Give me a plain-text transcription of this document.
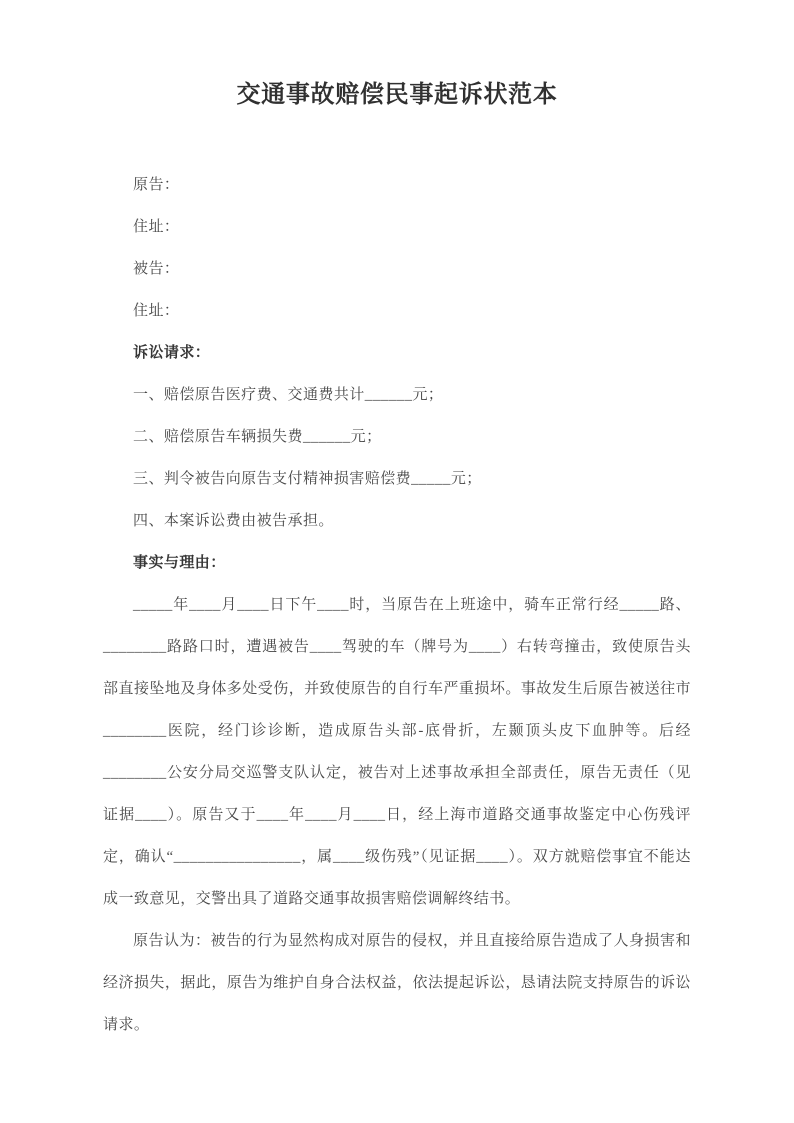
交通事故赔偿民事起诉状范本

原告：

住址：

被告：

住址：

诉讼请求：

一、赔偿原告医疗费、交通费共计______元；

二、赔偿原告车辆损失费______元；

三、判令被告向原告支付精神损害赔偿费_____元；

四、本案诉讼费由被告承担。

事实与理由：

_____年____月____日下午____时，当原告在上班途中，骑车正常行经_____路、________路路口时，遭遇被告____驾驶的车（牌号为____）右转弯撞击，致使原告头部直接坠地及身体多处受伤，并致使原告的自行车严重损坏。事故发生后原告被送往市________医院，经门诊诊断，造成原告头部-底骨折，左颞顶头皮下血肿等。后经________公安分局交巡警支队认定，被告对上述事故承担全部责任，原告无责任（见证据____）。原告又于____年____月____日，经上海市道路交通事故鉴定中心伤残评定，确认“________________，属____级伤残”（见证据____）。双方就赔偿事宜不能达成一致意见，交警出具了道路交通事故损害赔偿调解终结书。

原告认为：被告的行为显然构成对原告的侵权，并且直接给原告造成了人身损害和经济损失，据此，原告为维护自身合法权益，依法提起诉讼，恳请法院支持原告的诉讼请求。
